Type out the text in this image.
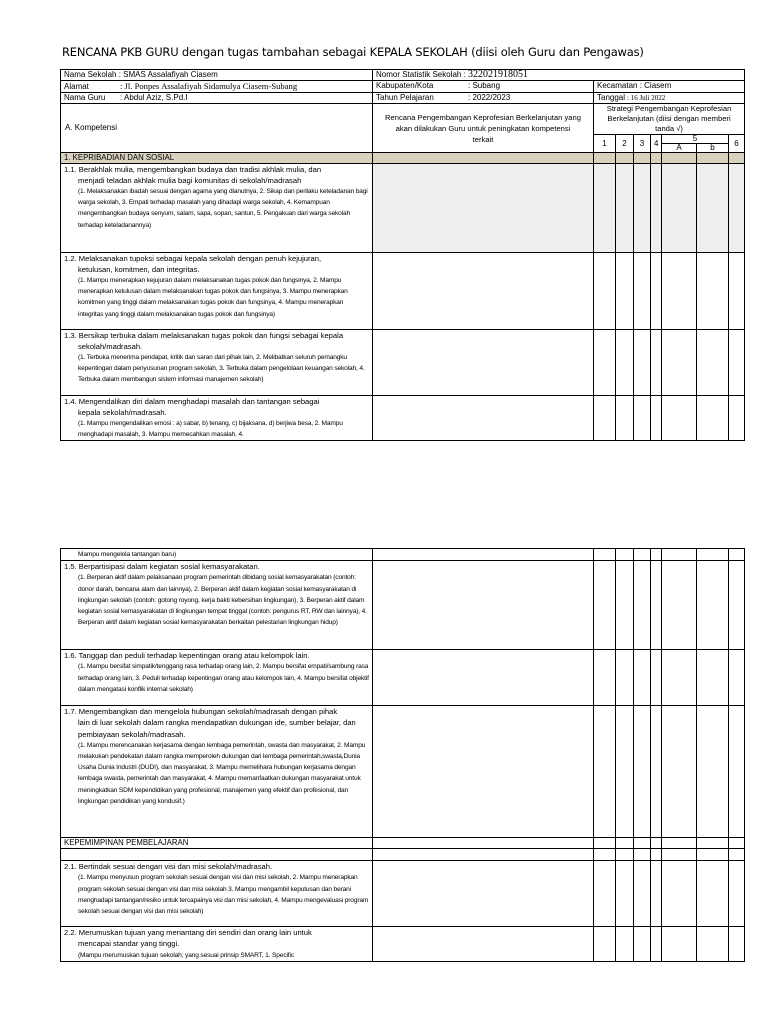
RENCANA PKB GURU dengan tugas tambahan sebagai KEPALA SEKOLAH (diisi oleh Guru dan Pengawas)
Nama Sekolah : SMAS Assalafiyah Ciasem	Nomor Statistik Sekolah : 322021918051							
Alamat : Jl. Ponpes Assalafiyah Sidamulya Ciasem-Subang	Kabupaten/Kota : Subang	Kecamatan : Ciasem						
Nama Guru : Abdul Aziz, S.Pd.I	Tahun Pelajaran : 2022/2023	Tanggal : 16 Juli 2022						
A. Kompetensi	Rencana Pengembangan Keprofesian Berkelanjutan yang akan dilakukan Guru untuk peningkatan kompetensi terkait	Strategi Pengembangan Keprofesian Berkelanjutan (diisi dengan memberi tanda √)						
		1	2	3	4	5		6
						A	b	
1. KEPRIBADIAN DAN SOSIAL								

1.1. Berakhlak mulia, mengembangkan budaya dan tradisi akhlak mulia, dan
menjadi teladan akhlak mulia bagi komunitas di sekolah/madrasah
(1. Melaksanakan ibadah sesuai dengan agama yang dianutnya, 2. Sikap dan perilaku keteladanan bagi warga sekolah, 3. Empati terhadap masalah yang dihadapi warga sekolah, 4. Kemampuan mengembangkan budaya senyum, salam, sapa, sopan, santun, 5. Pengakuan dari warga sekolah terhadap keteladanannya)								

1.2. Melaksanakan tupoksi sebagai kepala sekolah dengan penuh kejujuran,
ketulusan, komitmen, dan integritas.
(1. Mampu menerapkan kejujuran dalam melaksanakan tugas pokok dan fungsinya, 2. Mampu menerapkan ketulusan dalam melaksanakan tugas pokok dan fungsinya, 3. Mampu menerapkan komitmen yang tinggi dalam melaksanakan tugas pokok dan fungsinya, 4. Mampu menerapkan integritas yang tinggi dalam melaksanakan tugas pokok dan fungsinya)								

1.3. Bersikap terbuka dalam melaksanakan tugas pokok dan fungsi sebagai kepala
sekolah/madrasah.
(1. Terbuka menerima pendapat, kritik dan saran dari pihak lain, 2. Melibatkan seluruh pemangku kepentingan dalam penyusunan program sekolah, 3. Terbuka dalam pengelolaan keuangan sekolah, 4. Terbuka dalam membangun sistem informasi manajemen sekolah)								

1.4. Mengendalikan diri dalam menghadapi masalah dan tantangan sebagai
kepala sekolah/madrasah.
(1. Mampu mengendalikan emosi : a) sabar, b) tenang, c) bijaksana, d) berjiwa besa, 2. Mampu menghadapi masalah, 3. Mampu memecahkan masalah. 4.								

Mampu mengelola tantangan baru)								

1.5. Berpartisipasi dalam kegiatan sosial kemasyarakatan.
(1. Berperan aktif dalam pelaksanaan program pemerintah dibidang sosial kemasyarakatan (contoh: donor darah, bencana alam dan lainnya), 2. Berperan aktif dalam kegiatan sosial kemasyarakatan di lingkungan sekolah (contoh: gotong royong, kerja bakti kebersihan lingkungan), 3. Berperan aktif dalam kegiatan sosial kemasyarakatan di lingkungan tempat tinggal (contoh: pengurus RT, RW dan lainnya), 4. Berperan aktif dalam kegiatan sosial kemasyarakatan berkaitan pelestarian lingkungan hidup)								

1.6. Tanggap dan peduli terhadap kepentingan orang atau kelompok lain.
(1. Mampu bersifat simpatik/tenggang rasa terhadap orang lain, 2. Mampu bersifat empati/sambung rasa terhadap orang lain, 3. Peduli terhadap kepentingan orang atau kelompok lain, 4. Mampu bersifat objektif dalam mengatasi konflik internal sekolah)								

1.7. Mengembangkan dan mengelola hubungan sekolah/madrasah dengan pihak
lain di luar sekolah dalam rangka mendapatkan dukungan ide, sumber belajar, dan pembiayaan sekolah/madrasah.
(1. Mampu merencanakan kerjasama dengan lembaga pemerintah, swasta dan masyarakat, 2. Mampu melakukan pendekatan dalam rangka memperoleh dukungan dari lembaga pemerintah,swasta,Dunia Usaha Dunia Industri (DUDI), dan masyarakat, 3. Mampu memelihara hubungan kerjasama dengan lembaga swasta, pemerintah dan masyarakat, 4. Mampu memanfaatkan dukungan masyarakat untuk meningkatkan SDM kependidikan yang profesional, manajemen yang efektif dan profesional, dan lingkungan pendidikan yang kondusif.)								

KEPEMIMPINAN PEMBELAJARAN								

2.1. Bertindak sesuai dengan visi dan misi sekolah/madrasah.
(1. Mampu menyusun program sekolah sesuai dengan visi dan misi sekolah, 2. Mampu menerapkan program sekolah sesuai dengan visi dan misi sekolah 3. Mampu mengambil keputusan dan berani menghadapi tantangan/resiko untuk tercapainya visi dan misi sekolah, 4. Mampu mengevaluasi program sekolah sesuai dengan visi dan misi sekolah)								

2.2. Merumuskan tujuan yang menantang diri sendiri dan orang lain untuk
mencapai standar yang tinggi.
(Mampu merumuskan tujuan sekolah; yang sesuai prinsip SMART, 1. Specific								
